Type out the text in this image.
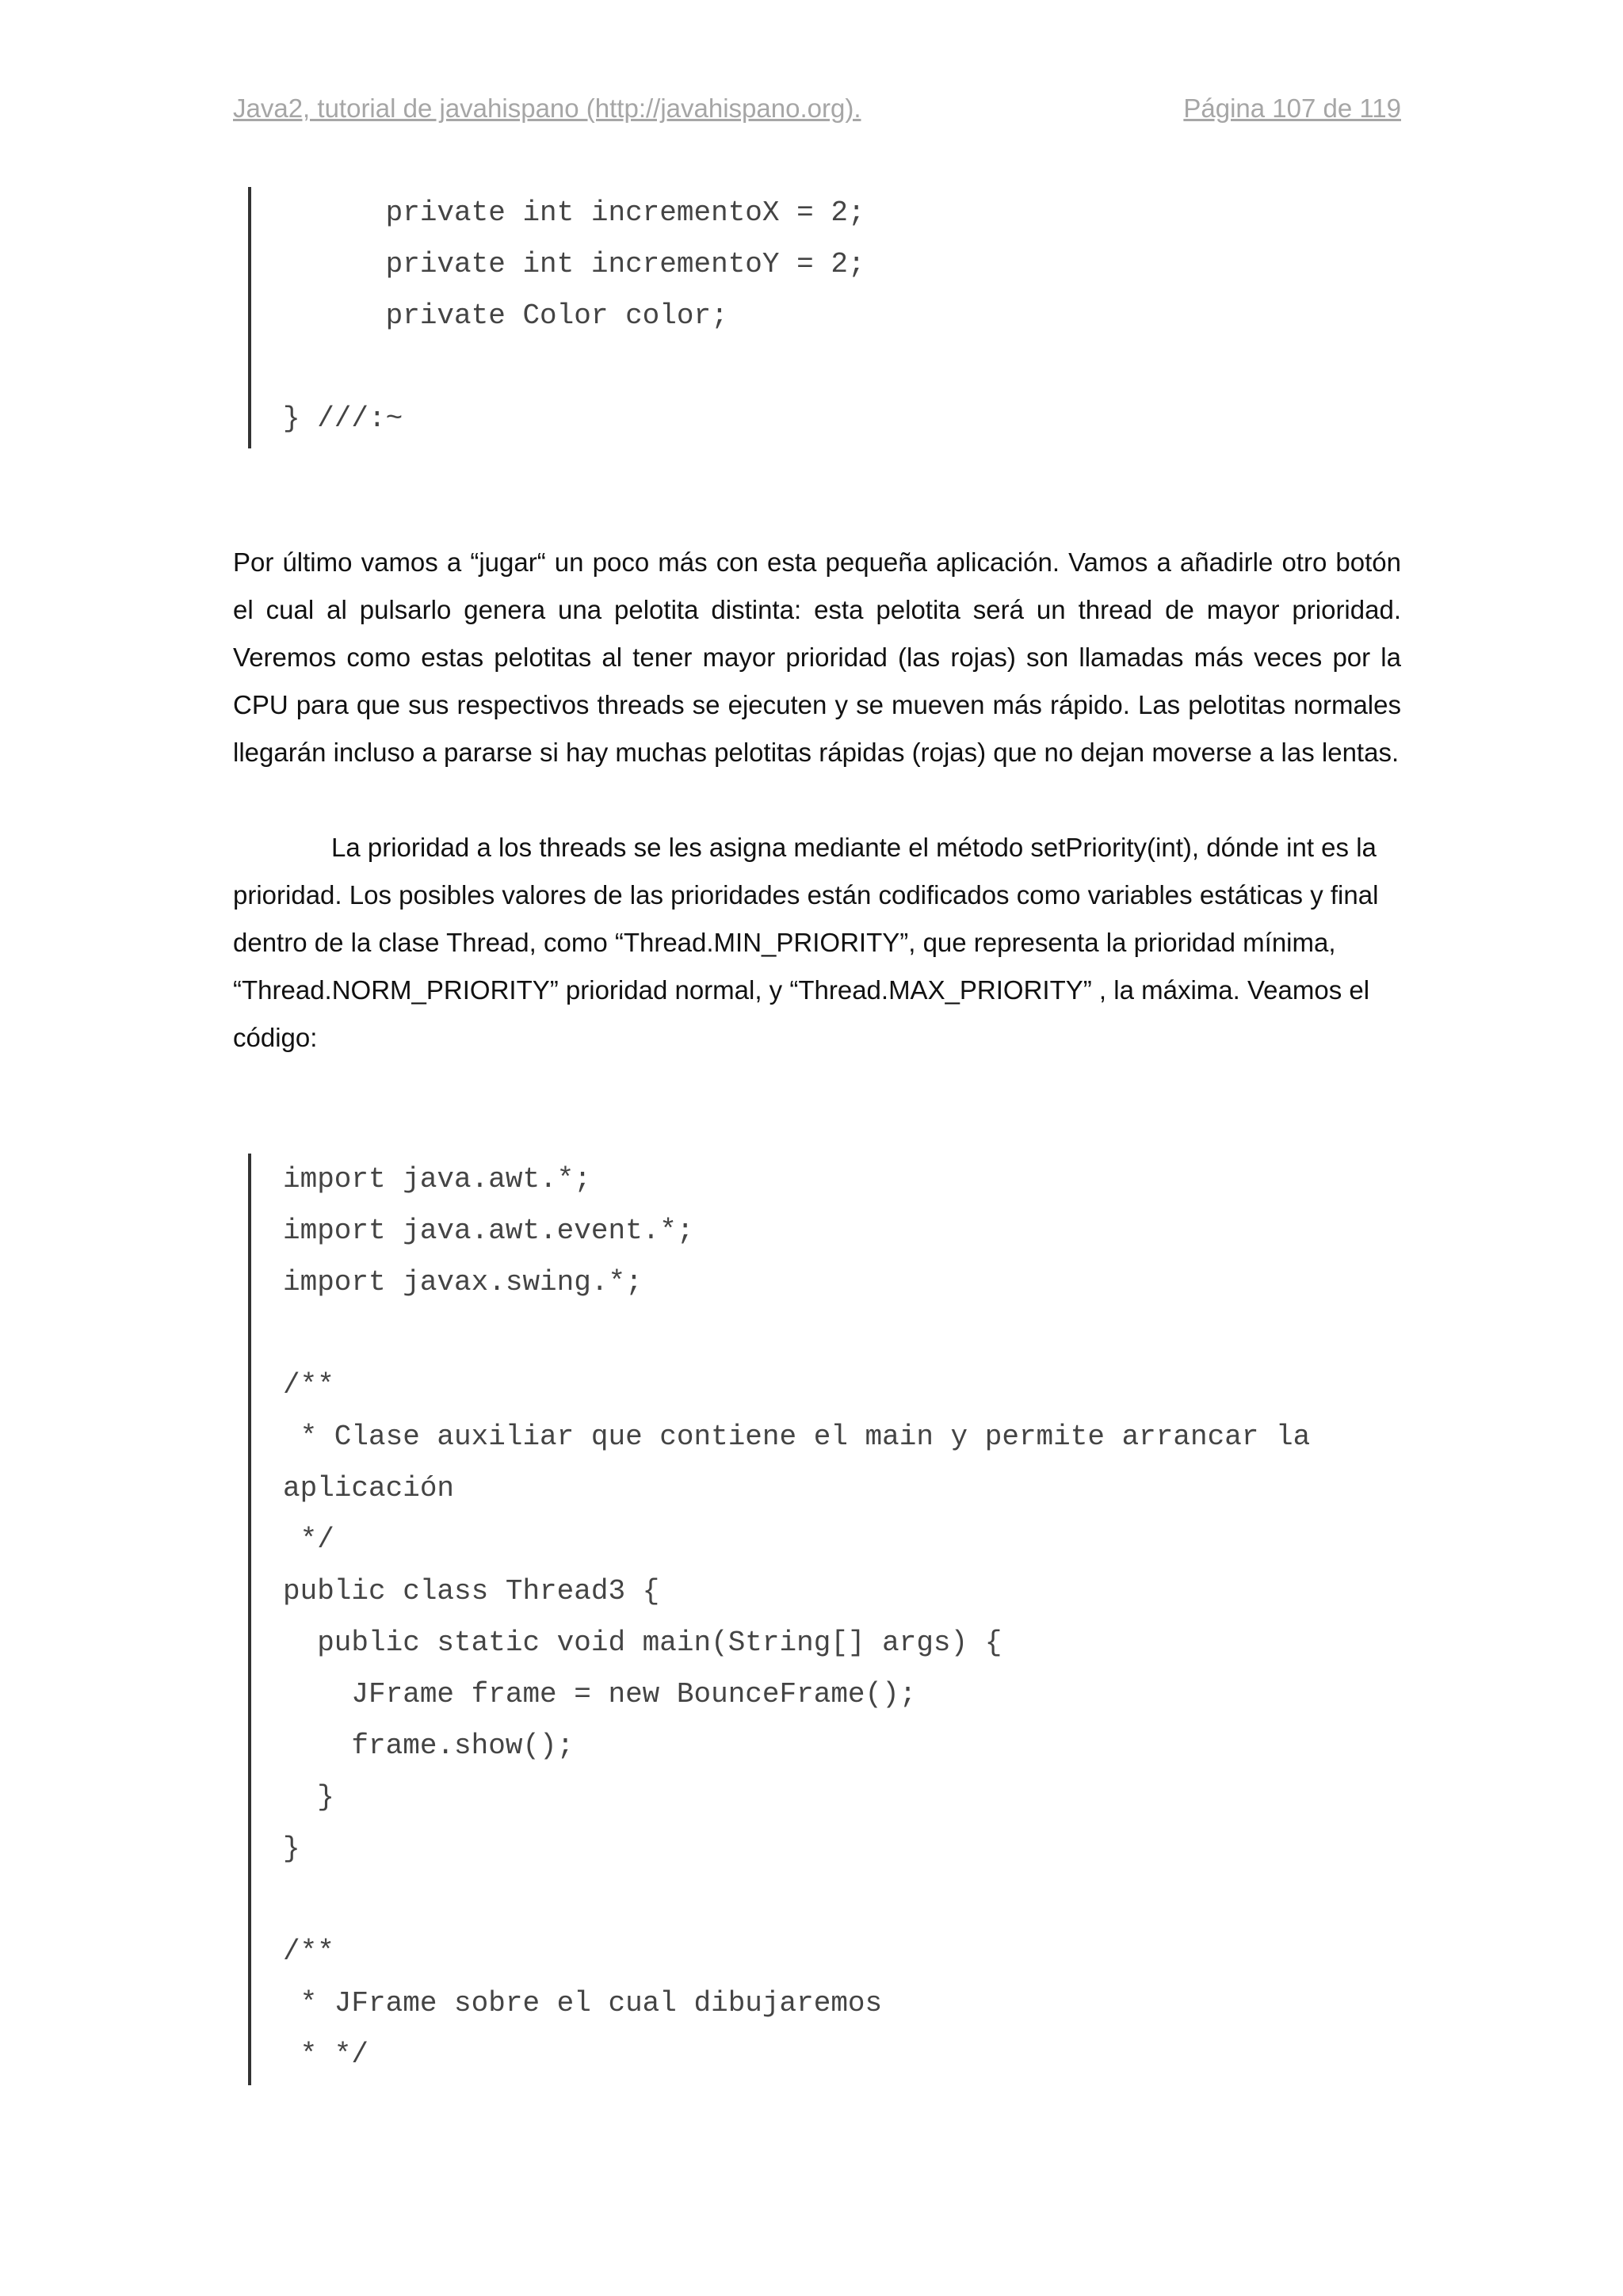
Java2, tutorial de javahispano (http://javahispano.org).	Página 107 de 119
private int incrementoX = 2;
private int incrementoY = 2;
private Color color;
} ///:~
Por último vamos a “jugar“ un poco más con esta pequeña aplicación. Vamos a añadirle otro botón el cual al pulsarlo genera una pelotita distinta: esta pelotita será un thread de mayor prioridad. Veremos como estas pelotitas al tener mayor prioridad (las rojas) son llamadas más veces por la CPU para que sus respectivos threads se ejecuten y se mueven más rápido. Las pelotitas normales llegarán incluso a pararse si hay muchas pelotitas rápidas (rojas) que no dejan moverse a las lentas.
La prioridad a los threads se les asigna mediante el método setPriority(int), dónde int es la prioridad. Los posibles valores de las prioridades están codificados como variables estáticas y final dentro de la clase Thread, como “Thread.MIN_PRIORITY”, que representa la prioridad mínima, “Thread.NORM_PRIORITY” prioridad normal, y “Thread.MAX_PRIORITY” , la máxima. Veamos el código:
import java.awt.*;
import java.awt.event.*;
import javax.swing.*;
/**
* Clase auxiliar que contiene el main y permite arrancar la
aplicación
*/
public class Thread3 {
public static void main(String[] args) {
JFrame frame = new BounceFrame();
frame.show();
}
}
/**
* JFrame sobre el cual dibujaremos
* */
